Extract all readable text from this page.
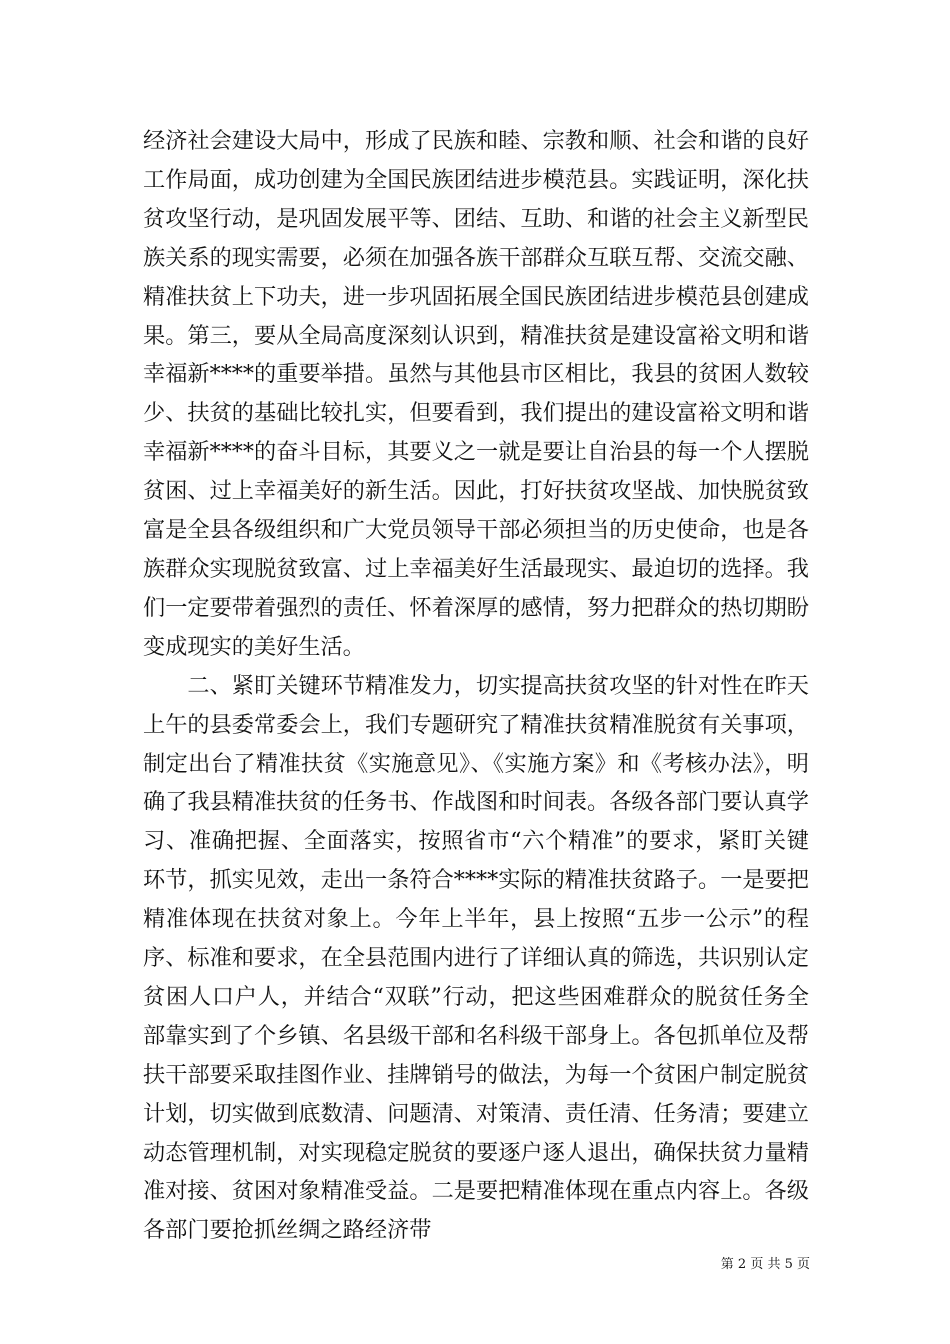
经济社会建设大局中，形成了民族和睦、宗教和顺、社会和谐的良好工作局面，成功创建为全国民族团结进步模范县。实践证明，深化扶贫攻坚行动，是巩固发展平等、团结、互助、和谐的社会主义新型民族关系的现实需要，必须在加强各族干部群众互联互帮、交流交融、精准扶贫上下功夫，进一步巩固拓展全国民族团结进步模范县创建成果。第三，要从全局高度深刻认识到，精准扶贫是建设富裕文明和谐幸福新****的重要举措。虽然与其他县市区相比，我县的贫困人数较少、扶贫的基础比较扎实，但要看到，我们提出的建设富裕文明和谐幸福新****的奋斗目标，其要义之一就是要让自治县的每一个人摆脱贫困、过上幸福美好的新生活。因此，打好扶贫攻坚战、加快脱贫致富是全县各级组织和广大党员领导干部必须担当的历史使命，也是各族群众实现脱贫致富、过上幸福美好生活最现实、最迫切的选择。我们一定要带着强烈的责任、怀着深厚的感情，努力把群众的热切期盼变成现实的美好生活。

二、紧盯关键环节精准发力，切实提高扶贫攻坚的针对性在昨天上午的县委常委会上，我们专题研究了精准扶贫精准脱贫有关事项，制定出台了精准扶贫《实施意见》、《实施方案》和《考核办法》，明确了我县精准扶贫的任务书、作战图和时间表。各级各部门要认真学习、准确把握、全面落实，按照省市“六个精准”的要求，紧盯关键环节，抓实见效，走出一条符合****实际的精准扶贫路子。一是要把精准体现在扶贫对象上。今年上半年，县上按照“五步一公示”的程序、标准和要求，在全县范围内进行了详细认真的筛选，共识别认定贫困人口户人，并结合“双联”行动，把这些困难群众的脱贫任务全部靠实到了个乡镇、名县级干部和名科级干部身上。各包抓单位及帮扶干部要采取挂图作业、挂牌销号的做法，为每一个贫困户制定脱贫计划，切实做到底数清、问题清、对策清、责任清、任务清；要建立动态管理机制，对实现稳定脱贫的要逐户逐人退出，确保扶贫力量精准对接、贫困对象精准受益。二是要把精准体现在重点内容上。各级各部门要抢抓丝绸之路经济带

第 2 页 共 5 页
